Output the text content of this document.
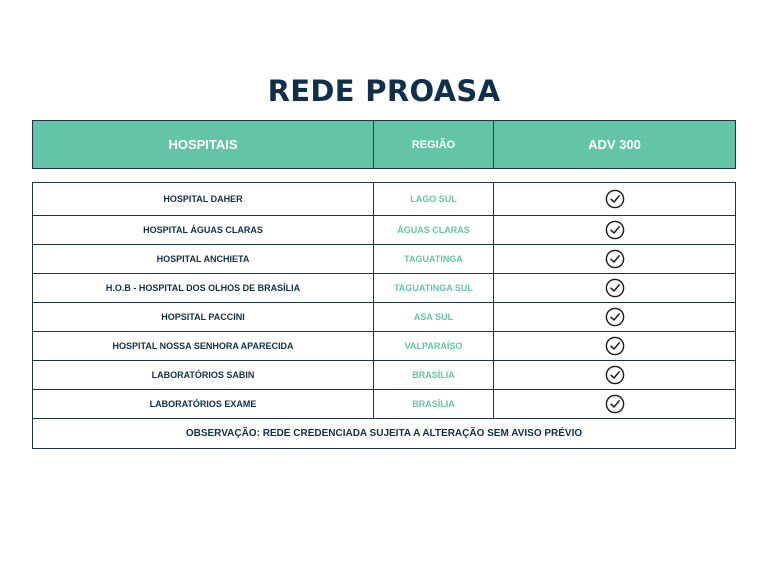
REDE PROASA
HOSPITAIS	REGIÃO	ADV 300
HOSPITAL DAHER	LAGO SUL
HOSPITAL ÁGUAS CLARAS	ÁGUAS CLARAS
HOSPITAL ANCHIETA	TAGUATINGA
H.O.B - HOSPITAL DOS OLHOS DE BRASÍLIA	TAGUATINGA SUL
HOPSITAL PACCINI	ASA SUL
HOSPITAL NOSSA SENHORA APARECIDA	VALPARAÍSO
LABORATÓRIOS SABIN	BRASÍLIA
LABORATÓRIOS EXAME	BRASÍLIA
OBSERVAÇÃO: REDE CREDENCIADA SUJEITA A ALTERAÇÃO SEM AVISO PRÉVIO
